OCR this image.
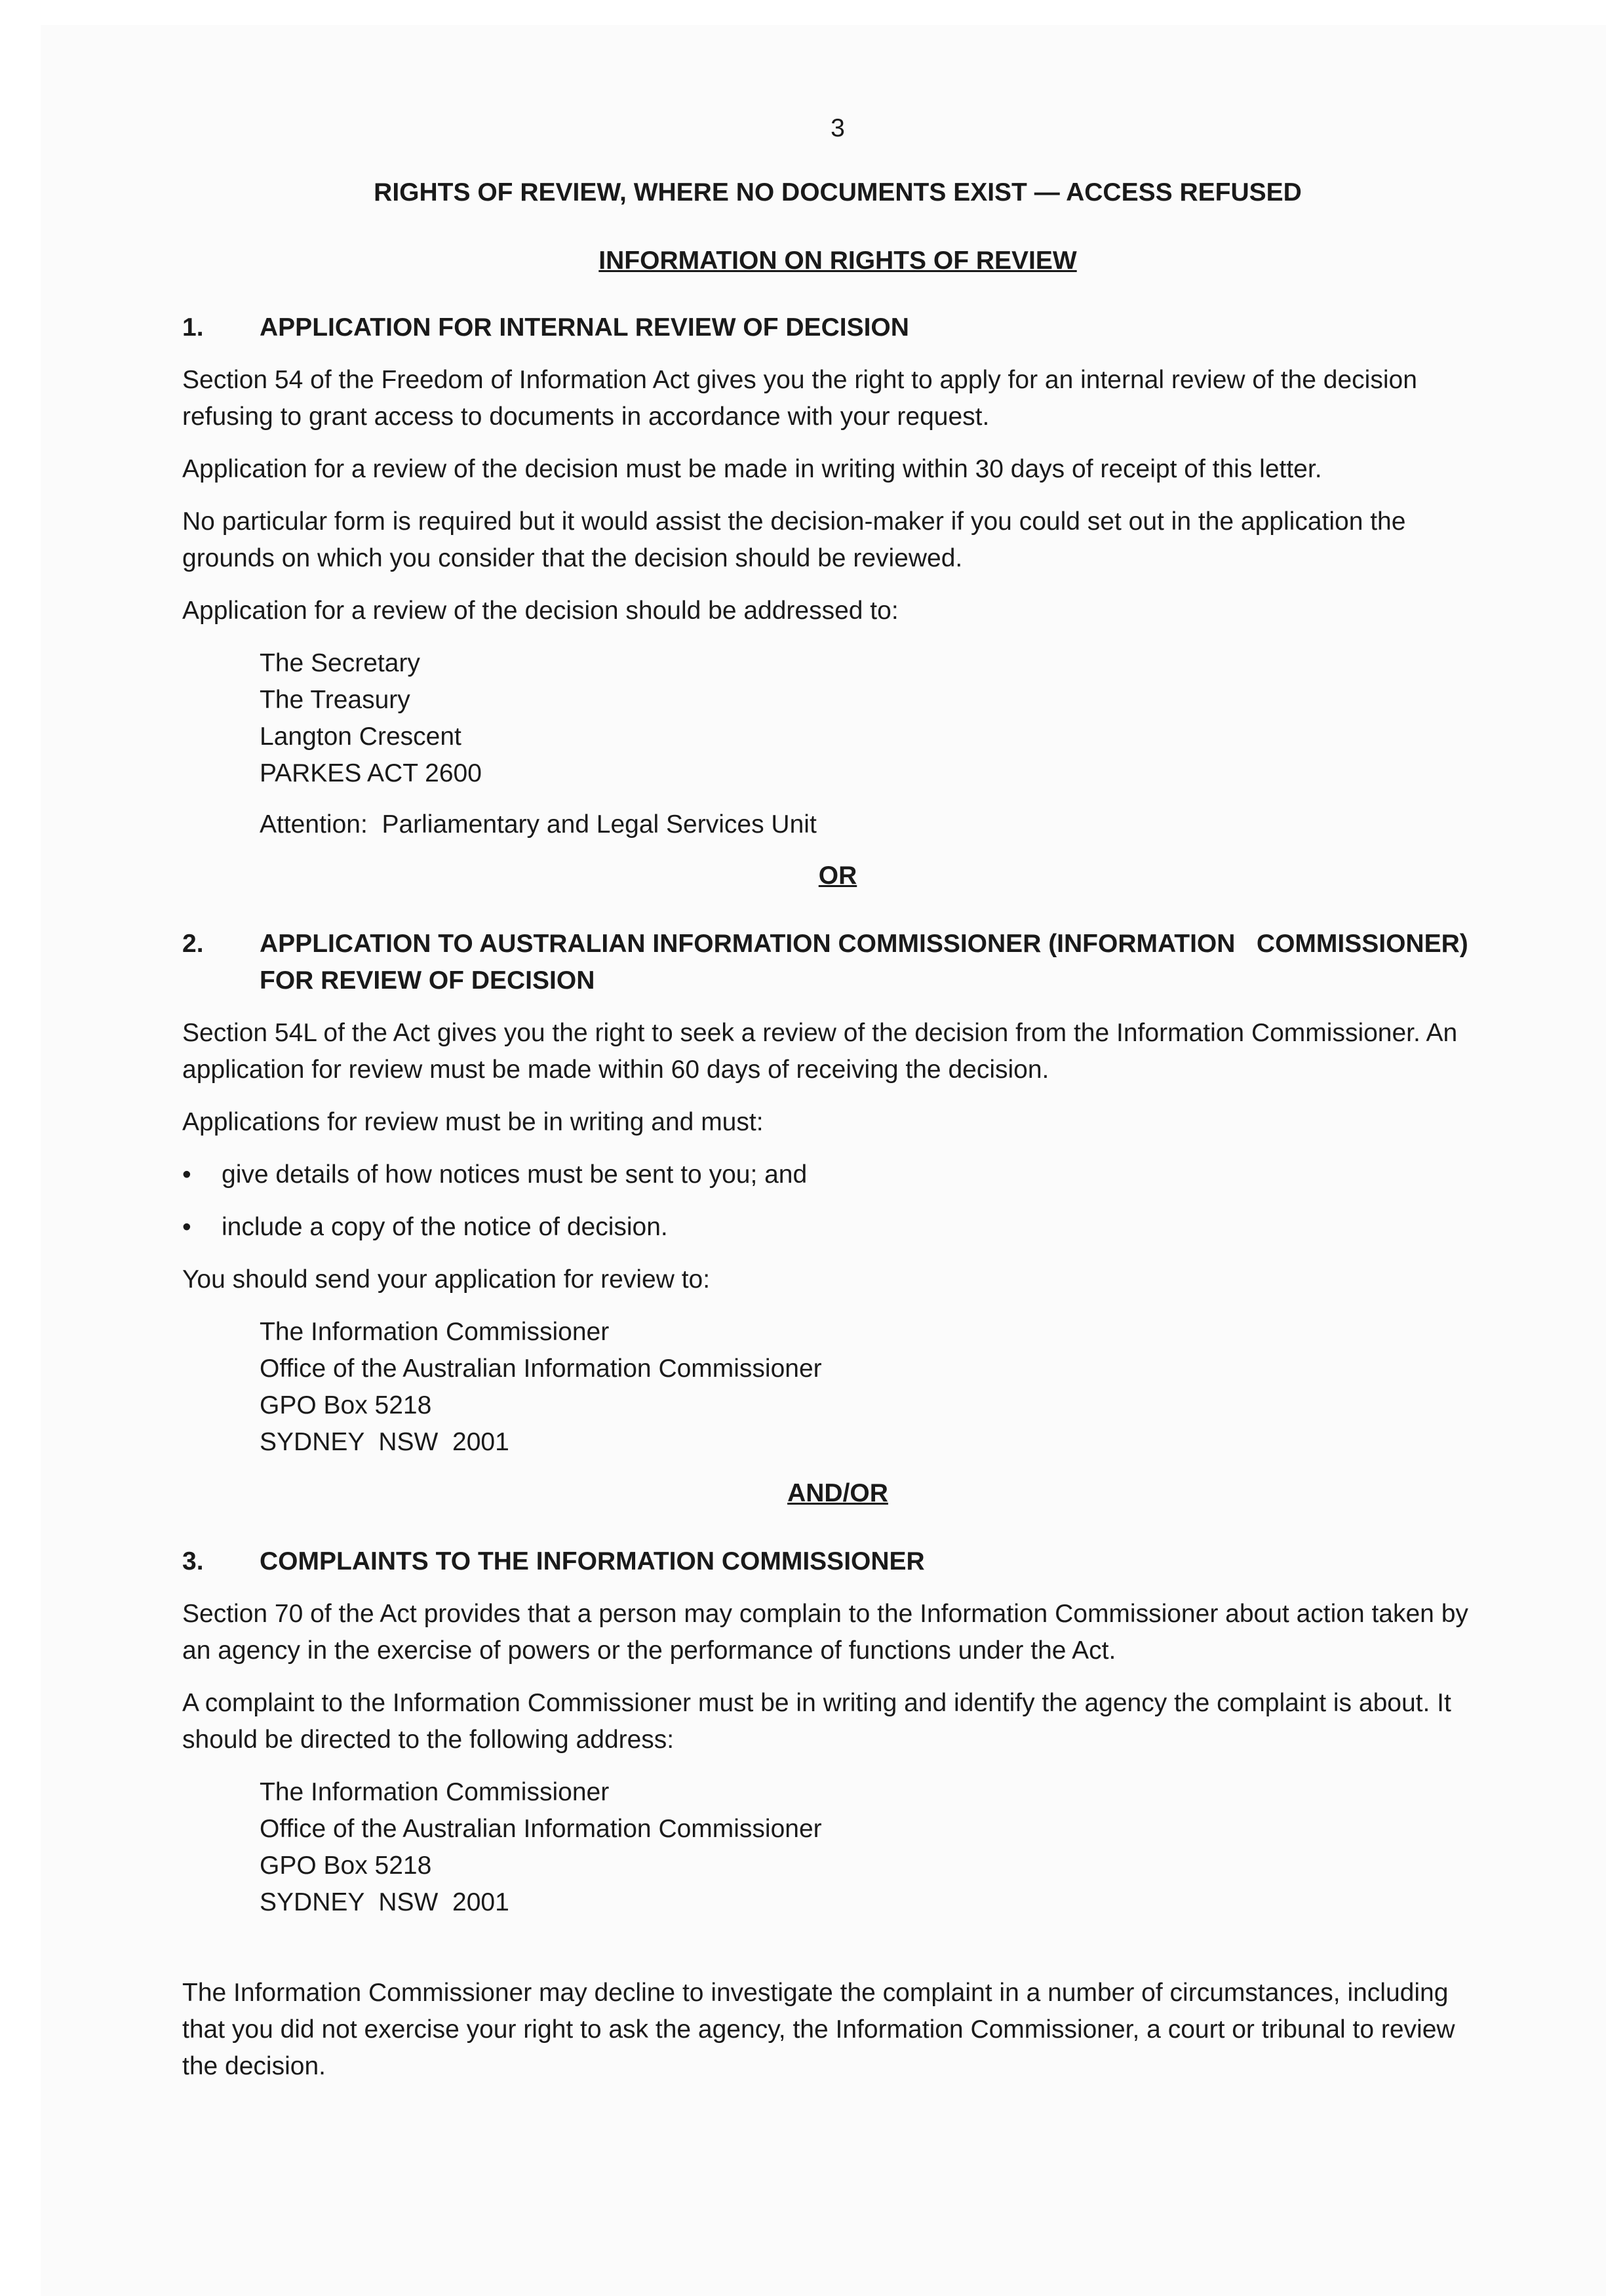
3
RIGHTS OF REVIEW, WHERE NO DOCUMENTS EXIST — ACCESS REFUSED
INFORMATION ON RIGHTS OF REVIEW
1.	APPLICATION FOR INTERNAL REVIEW OF DECISION

Section 54 of the Freedom of Information Act gives you the right to apply for an internal review of the decision refusing to grant access to documents in accordance with your request.

Application for a review of the decision must be made in writing within 30 days of receipt of this letter.

No particular form is required but it would assist the decision-maker if you could set out in the application the grounds on which you consider that the decision should be reviewed.

Application for a review of the decision should be addressed to:

The Secretary
The Treasury
Langton Crescent
PARKES ACT 2600
Attention:  Parliamentary and Legal Services Unit
OR
2.	APPLICATION TO AUSTRALIAN INFORMATION COMMISSIONER (INFORMATION   COMMISSIONER) FOR REVIEW OF DECISION

Section 54L of the Act gives you the right to seek a review of the decision from the Information Commissioner. An application for review must be made within 60 days of receiving the decision.

Applications for review must be in writing and must:

•	give details of how notices must be sent to you; and
•	include a copy of the notice of decision.

You should send your application for review to:

The Information Commissioner
Office of the Australian Information Commissioner
GPO Box 5218
SYDNEY  NSW  2001
AND/OR
3.	COMPLAINTS TO THE INFORMATION COMMISSIONER

Section 70 of the Act provides that a person may complain to the Information Commissioner about action taken by an agency in the exercise of powers or the performance of functions under the Act.

A complaint to the Information Commissioner must be in writing and identify the agency the complaint is about. It should be directed to the following address:

The Information Commissioner
Office of the Australian Information Commissioner
GPO Box 5218
SYDNEY  NSW  2001

The Information Commissioner may decline to investigate the complaint in a number of circumstances, including that you did not exercise your right to ask the agency, the Information Commissioner, a court or tribunal to review the decision.
